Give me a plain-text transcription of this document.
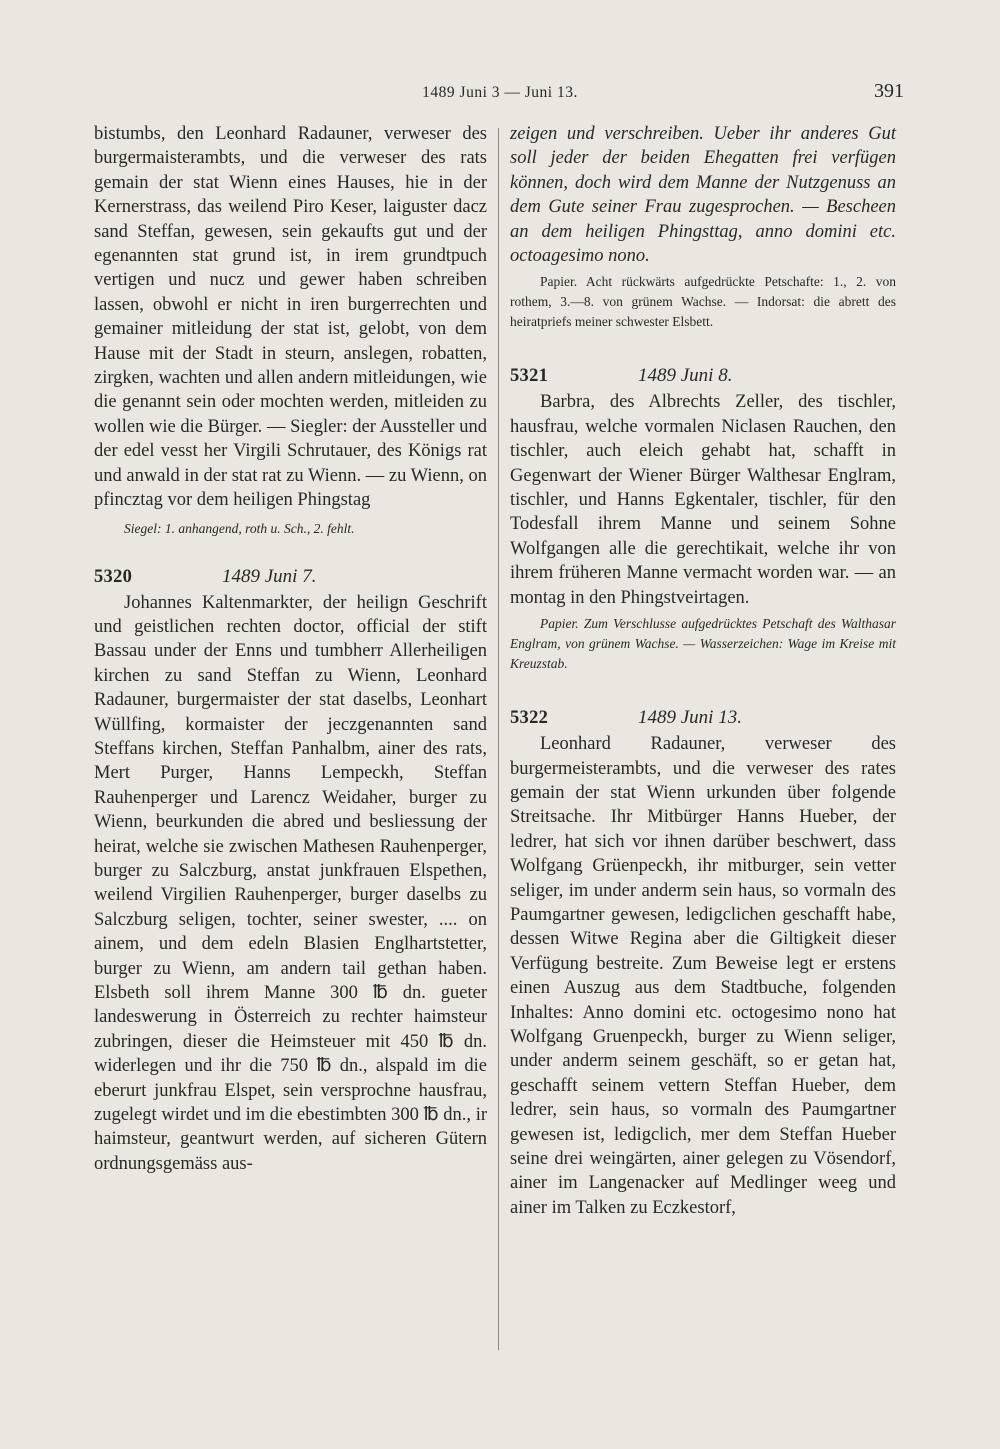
1489 Juni 3 — Juni 13.	391

bistumbs, den Leonhard Radauner, verweser des burgermaisterambts, und die verweser des rats gemain der stat Wienn eines Hauses, hie in der Kernerstrass, das weilend Piro Keser, laiguster dacz sand Steffan, gewesen, sein gekaufts gut und der egenannten stat grund ist, in irem grundtpuch vertigen und nucz und gewer haben schreiben lassen, obwohl er nicht in iren burgerrechten und gemainer mitleidung der stat ist, gelobt, von dem Hause mit der Stadt in steurn, anslegen, robatten, zirgken, wachten und allen andern mitleidungen, wie die genannt sein oder mochten werden, mitleiden zu wollen wie die Bürger. — Siegler: der Aussteller und der edel vesst her Virgili Schrutauer, des Königs rat und anwald in der stat rat zu Wienn. — zu Wienn, on pfincztag vor dem heiligen Phingstag

Siegel: 1. anhangend, roth u. Sch., 2. fehlt.

5320	1489 Juni 7.

Johannes Kaltenmarkter, der heilign Geschrift und geistlichen rechten doctor, official der stift Bassau under der Enns und tumbherr Allerheiligen kirchen zu sand Steffan zu Wienn, Leonhard Radauner, burgermaister der stat daselbs, Leonhart Wüllfing, kormaister der jeczgenannten sand Steffans kirchen, Steffan Panhalbm, ainer des rats, Mert Purger, Hanns Lempeckh, Steffan Rauhenperger und Larencz Weidaher, burger zu Wienn, beurkunden die abred und besliessung der heirat, welche sie zwischen Mathesen Rauhenperger, burger zu Salczburg, anstat junkfrauen Elspethen, weilend Virgilien Rauhenperger, burger daselbs zu Salczburg seligen, tochter, seiner swester, .... on ainem, und dem edeln Blasien Englhartstetter, burger zu Wienn, am andern tail gethan haben. Elsbeth soll ihrem Manne 300 ℔ dn. gueter landeswerung in Österreich zu rechter haimsteur zubringen, dieser die Heimsteuer mit 450 ℔ dn. widerlegen und ihr die 750 ℔ dn., alspald im die eberurt junkfrau Elspet, sein versprochne hausfrau, zugelegt wirdet und im die ebestimbten 300 ℔ dn., ir haimsteur, geantwurt werden, auf sicheren Gütern ordnungsgemäss aus-

zeigen und verschreiben. Ueber ihr anderes Gut soll jeder der beiden Ehegatten frei verfügen können, doch wird dem Manne der Nutzgenuss an dem Gute seiner Frau zugesprochen. — Bescheen an dem heiligen Phingsttag, anno domini etc. octoagesimo nono.

Papier. Acht rückwärts aufgedrückte Petschafte: 1., 2. von rothem, 3.—8. von grünem Wachse. — Indorsat: die abrett des heiratpriefs meiner schwester Elsbett.

5321	1489 Juni 8.

Barbra, des Albrechts Zeller, des tischler, hausfrau, welche vormalen Niclasen Rauchen, den tischler, auch eleich gehabt hat, schafft in Gegenwart der Wiener Bürger Walthesar Englram, tischler, und Hanns Egkentaler, tischler, für den Todesfall ihrem Manne und seinem Sohne Wolfgangen alle die gerechtikait, welche ihr von ihrem früheren Manne vermacht worden war. — an montag in den Phingstveirtagen.

Papier. Zum Verschlusse aufgedrücktes Petschaft des Walthasar Englram, von grünem Wachse. — Wasserzeichen: Wage im Kreise mit Kreuzstab.

5322	1489 Juni 13.

Leonhard Radauner, verweser des burgermeisterambts, und die verweser des rates gemain der stat Wienn urkunden über folgende Streitsache. Ihr Mitbürger Hanns Hueber, der ledrer, hat sich vor ihnen darüber beschwert, dass Wolfgang Grüenpeckh, ihr mitburger, sein vetter seliger, im under anderm sein haus, so vormaln des Paumgartner gewesen, ledigclichen geschafft habe, dessen Witwe Regina aber die Giltigkeit dieser Verfügung bestreite. Zum Beweise legt er erstens einen Auszug aus dem Stadtbuche, folgenden Inhaltes: Anno domini etc. octogesimo nono hat Wolfgang Gruenpeckh, burger zu Wienn seliger, under anderm seinem geschäft, so er getan hat, geschafft seinem vettern Steffan Hueber, dem ledrer, sein haus, so vormaln des Paumgartner gewesen ist, ledigclich, mer dem Steffan Hueber seine drei weingärten, ainer gelegen zu Vösendorf, ainer im Langenacker auf Medlinger weeg und ainer im Talken zu Eczkestorf,
